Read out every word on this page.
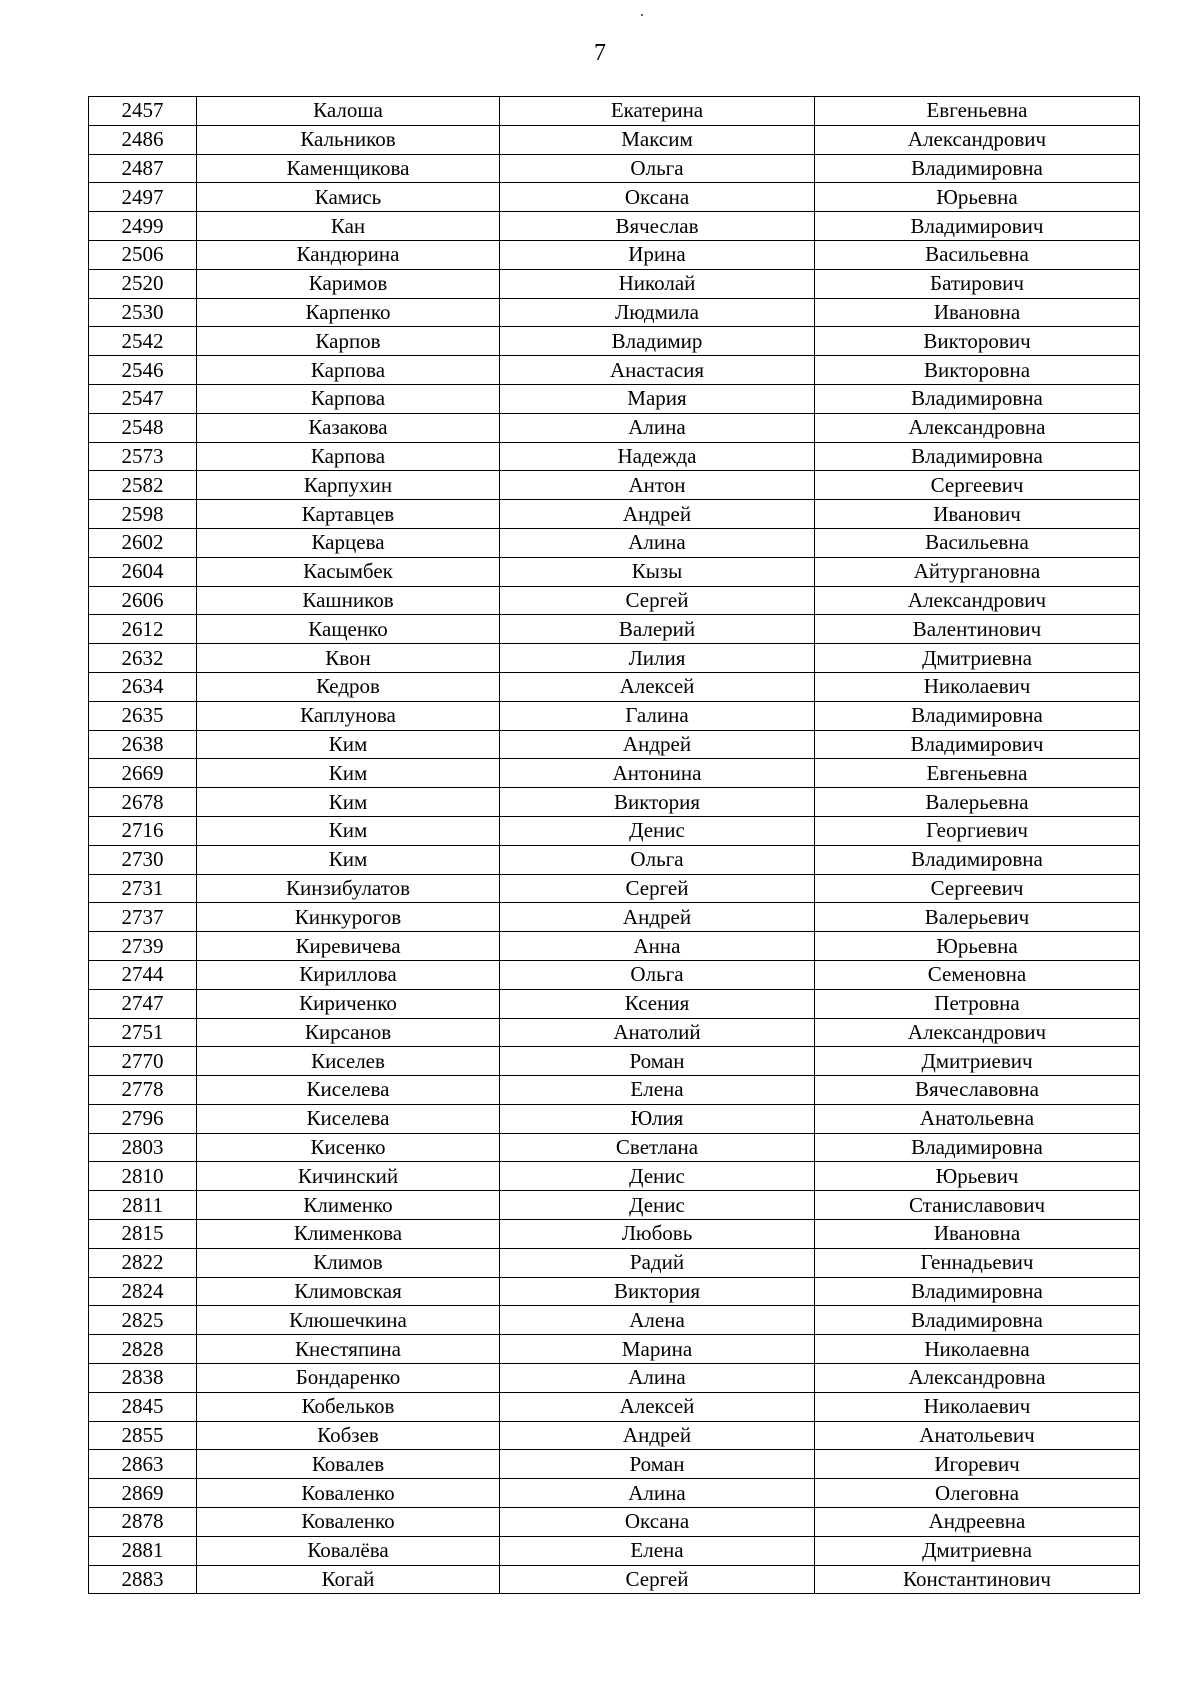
7
2457	Калоша	Екатерина	Евгеньевна
2486	Кальников	Максим	Александрович
2487	Каменщикова	Ольга	Владимировна
2497	Камись	Оксана	Юрьевна
2499	Кан	Вячеслав	Владимирович
2506	Кандюрина	Ирина	Васильевна
2520	Каримов	Николай	Батирович
2530	Карпенко	Людмила	Ивановна
2542	Карпов	Владимир	Викторович
2546	Карпова	Анастасия	Викторовна
2547	Карпова	Мария	Владимировна
2548	Казакова	Алина	Александровна
2573	Карпова	Надежда	Владимировна
2582	Карпухин	Антон	Сергеевич
2598	Картавцев	Андрей	Иванович
2602	Карцева	Алина	Васильевна
2604	Касымбек	Кызы	Айтургановна
2606	Кашников	Сергей	Александрович
2612	Кащенко	Валерий	Валентинович
2632	Квон	Лилия	Дмитриевна
2634	Кедров	Алексей	Николаевич
2635	Каплунова	Галина	Владимировна
2638	Ким	Андрей	Владимирович
2669	Ким	Антонина	Евгеньевна
2678	Ким	Виктория	Валерьевна
2716	Ким	Денис	Георгиевич
2730	Ким	Ольга	Владимировна
2731	Кинзибулатов	Сергей	Сергеевич
2737	Кинкурогов	Андрей	Валерьевич
2739	Киревичева	Анна	Юрьевна
2744	Кириллова	Ольга	Семеновна
2747	Кириченко	Ксения	Петровна
2751	Кирсанов	Анатолий	Александрович
2770	Киселев	Роман	Дмитриевич
2778	Киселева	Елена	Вячеславовна
2796	Киселева	Юлия	Анатольевна
2803	Кисенко	Светлана	Владимировна
2810	Кичинский	Денис	Юрьевич
2811	Клименко	Денис	Станиславович
2815	Клименкова	Любовь	Ивановна
2822	Климов	Радий	Геннадьевич
2824	Климовская	Виктория	Владимировна
2825	Клюшечкина	Алена	Владимировна
2828	Кнестяпина	Марина	Николаевна
2838	Бондаренко	Алина	Александровна
2845	Кобельков	Алексей	Николаевич
2855	Кобзев	Андрей	Анатольевич
2863	Ковалев	Роман	Игоревич
2869	Коваленко	Алина	Олеговна
2878	Коваленко	Оксана	Андреевна
2881	Ковалёва	Елена	Дмитриевна
2883	Когай	Сергей	Константинович
